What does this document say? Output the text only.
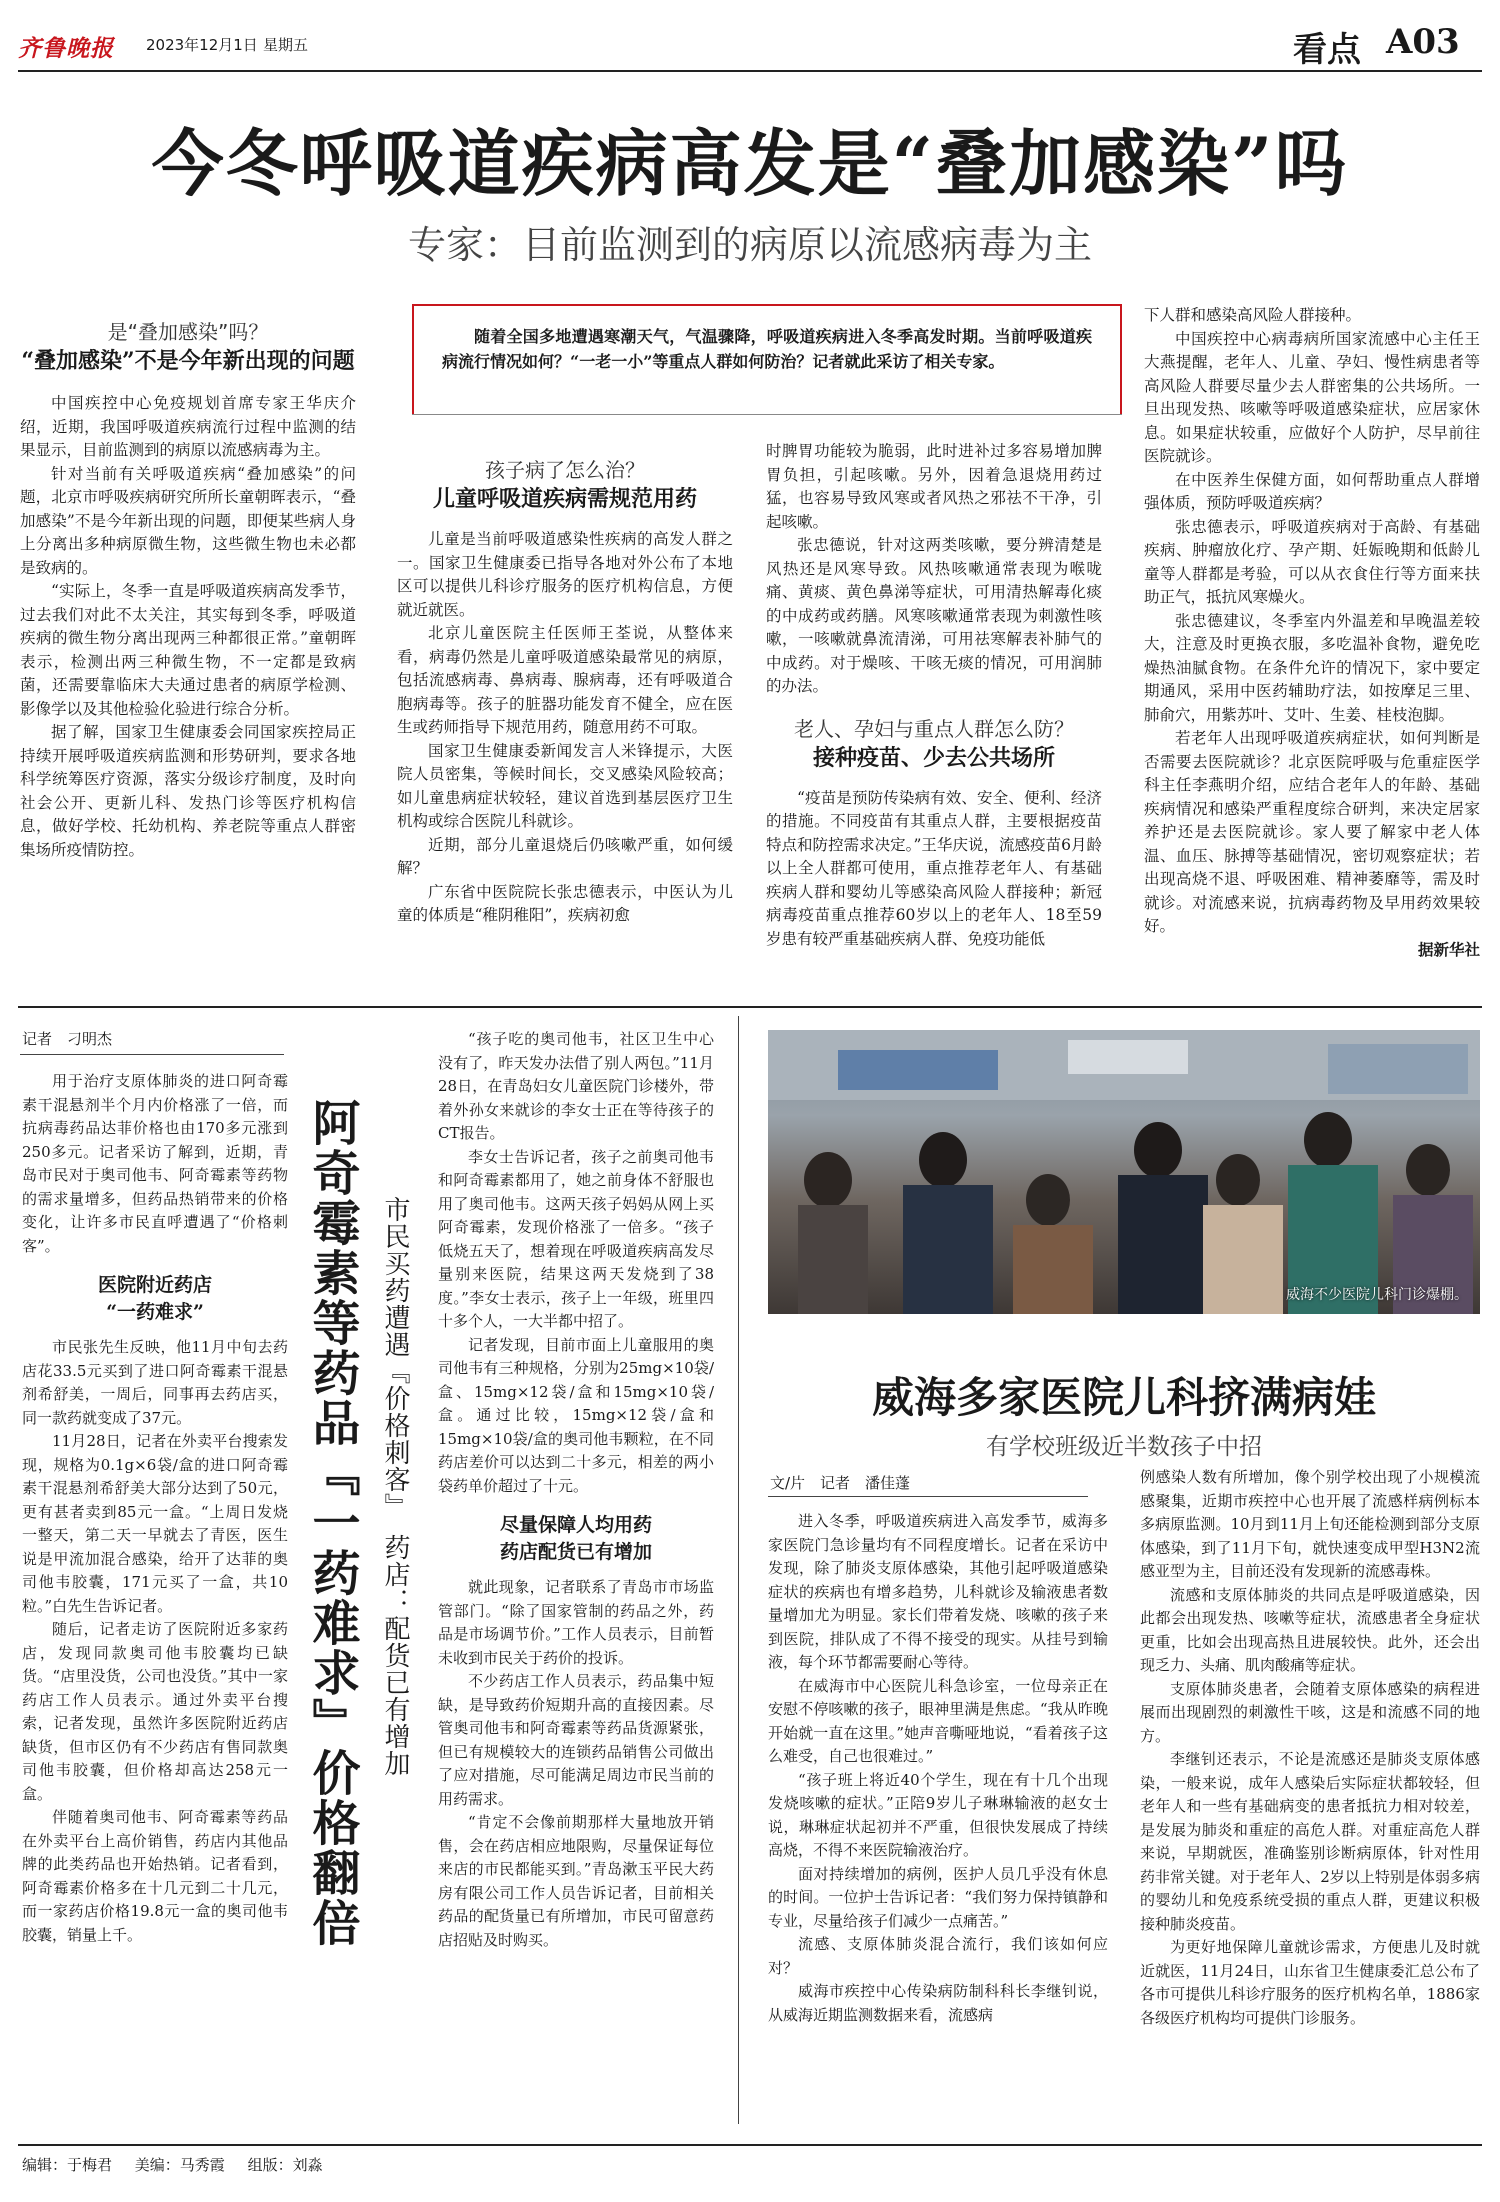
齐鲁晚报 2023年12月1日 星期五	看点 A03
今冬呼吸道疾病高发是“叠加感染”吗
专家：目前监测到的病原以流感病毒为主
是“叠加感染”吗？
“叠加感染”不是今年新出现的问题

中国疾控中心免疫规划首席专家王华庆介绍，近期，我国呼吸道疾病流行过程中监测的结果显示，目前监测到的病原以流感病毒为主。

针对当前有关呼吸道疾病“叠加感染”的问题，北京市呼吸疾病研究所所长童朝晖表示，“叠加感染”不是今年新出现的问题，即便某些病人身上分离出多种病原微生物，这些微生物也未必都是致病的。

“实际上，冬季一直是呼吸道疾病高发季节，过去我们对此不太关注，其实每到冬季，呼吸道疾病的微生物分离出现两三种都很正常。”童朝晖表示，检测出两三种微生物，不一定都是致病菌，还需要靠临床大夫通过患者的病原学检测、影像学以及其他检验化验进行综合分析。

据了解，国家卫生健康委会同国家疾控局正持续开展呼吸道疾病监测和形势研判，要求各地科学统筹医疗资源，落实分级诊疗制度，及时向社会公开、更新儿科、发热门诊等医疗机构信息，做好学校、托幼机构、养老院等重点人群密集场所疫情防控。

随着全国多地遭遇寒潮天气，气温骤降，呼吸道疾病进入冬季高发时期。当前呼吸道疾病流行情况如何？“一老一小”等重点人群如何防治？记者就此采访了相关专家。
孩子病了怎么治？
儿童呼吸道疾病需规范用药

儿童是当前呼吸道感染性疾病的高发人群之一。国家卫生健康委已指导各地对外公布了本地区可以提供儿科诊疗服务的医疗机构信息，方便就近就医。

北京儿童医院主任医师王荃说，从整体来看，病毒仍然是儿童呼吸道感染最常见的病原，包括流感病毒、鼻病毒、腺病毒，还有呼吸道合胞病毒等。孩子的脏器功能发育不健全，应在医生或药师指导下规范用药，随意用药不可取。

国家卫生健康委新闻发言人米锋提示，大医院人员密集，等候时间长，交叉感染风险较高；如儿童患病症状较轻，建议首选到基层医疗卫生机构或综合医院儿科就诊。

近期，部分儿童退烧后仍咳嗽严重，如何缓解？

广东省中医院院长张忠德表示，中医认为儿童的体质是“稚阴稚阳”，疾病初愈

时脾胃功能较为脆弱，此时进补过多容易增加脾胃负担，引起咳嗽。另外，因着急退烧用药过猛，也容易导致风寒或者风热之邪祛不干净，引起咳嗽。

张忠德说，针对这两类咳嗽，要分辨清楚是风热还是风寒导致。风热咳嗽通常表现为喉咙痛、黄痰、黄色鼻涕等症状，可用清热解毒化痰的中成药或药膳。风寒咳嗽通常表现为刺激性咳嗽，一咳嗽就鼻流清涕，可用祛寒解表补肺气的中成药。对于燥咳、干咳无痰的情况，可用润肺的办法。

老人、孕妇与重点人群怎么防？
接种疫苗、少去公共场所

“疫苗是预防传染病有效、安全、便利、经济的措施。不同疫苗有其重点人群，主要根据疫苗特点和防控需求决定。”王华庆说，流感疫苗6月龄以上全人群都可使用，重点推荐老年人、有基础疾病人群和婴幼儿等感染高风险人群接种；新冠病毒疫苗重点推荐60岁以上的老年人、18至59岁患有较严重基础疾病人群、免疫功能低

下人群和感染高风险人群接种。

中国疾控中心病毒病所国家流感中心主任王大燕提醒，老年人、儿童、孕妇、慢性病患者等高风险人群要尽量少去人群密集的公共场所。一旦出现发热、咳嗽等呼吸道感染症状，应居家休息。如果症状较重，应做好个人防护，尽早前往医院就诊。

在中医养生保健方面，如何帮助重点人群增强体质，预防呼吸道疾病？

张忠德表示，呼吸道疾病对于高龄、有基础疾病、肿瘤放化疗、孕产期、妊娠晚期和低龄儿童等人群都是考验，可以从衣食住行等方面来扶助正气，抵抗风寒燥火。

张忠德建议，冬季室内外温差和早晚温差较大，注意及时更换衣服，多吃温补食物，避免吃燥热油腻食物。在条件允许的情况下，家中要定期通风，采用中医药辅助疗法，如按摩足三里、肺俞穴，用紫苏叶、艾叶、生姜、桂枝泡脚。

若老年人出现呼吸道疾病症状，如何判断是否需要去医院就诊？北京医院呼吸与危重症医学科主任李燕明介绍，应结合老年人的年龄、基础疾病情况和感染严重程度综合研判，来决定居家养护还是去医院就诊。家人要了解家中老人体温、血压、脉搏等基础情况，密切观察症状；若出现高烧不退、呼吸困难、精神萎靡等，需及时就诊。对流感来说，抗病毒药物及早用药效果较好。

据新华社
记者　刁明杰

用于治疗支原体肺炎的进口阿奇霉素干混悬剂半个月内价格涨了一倍，而抗病毒药品达菲价格也由170多元涨到250多元。记者采访了解到，近期，青岛市民对于奥司他韦、阿奇霉素等药物的需求量增多，但药品热销带来的价格变化，让许多市民直呼遭遇了“价格刺客”。

医院附近药店
“一药难求”

市民张先生反映，他11月中旬去药店花33.5元买到了进口阿奇霉素干混悬剂希舒美，一周后，同事再去药店买，同一款药就变成了37元。

11月28日，记者在外卖平台搜索发现，规格为0.1g×6袋/盒的进口阿奇霉素干混悬剂希舒美大部分达到了50元，更有甚者卖到85元一盒。“上周日发烧一整天，第二天一早就去了青医，医生说是甲流加混合感染，给开了达菲的奥司他韦胶囊，171元买了一盒，共10粒。”白先生告诉记者。

随后，记者走访了医院附近多家药店，发现同款奥司他韦胶囊均已缺货。“店里没货，公司也没货。”其中一家药店工作人员表示。通过外卖平台搜索，记者发现，虽然许多医院附近药店缺货，但市区仍有不少药店有售同款奥司他韦胶囊，但价格却高达258元一盒。

伴随着奥司他韦、阿奇霉素等药品在外卖平台上高价销售，药店内其他品牌的此类药品也开始热销。记者看到，阿奇霉素价格多在十几元到二十几元，而一家药店价格19.8元一盒的奥司他韦胶囊，销量上千。	阿奇霉素等药品『一药难求』价格翻倍 市民买药遭遇『价格刺客』　药店：配货已有增加

“孩子吃的奥司他韦，社区卫生中心没有了，昨天发办法借了别人两包。”11月28日，在青岛妇女儿童医院门诊楼外，带着外孙女来就诊的李女士正在等待孩子的CT报告。

李女士告诉记者，孩子之前奥司他韦和阿奇霉素都用了，她之前身体不舒服也用了奥司他韦。这两天孩子妈妈从网上买阿奇霉素，发现价格涨了一倍多。“孩子低烧五天了，想着现在呼吸道疾病高发尽量别来医院，结果这两天发烧到了38度。”李女士表示，孩子上一年级，班里四十多个人，一大半都中招了。

记者发现，目前市面上儿童服用的奥司他韦有三种规格，分别为25mg×10袋/盒、15mg×12袋/盒和15mg×10袋/盒。通过比较，15mg×12袋/盒和15mg×10袋/盒的奥司他韦颗粒，在不同药店差价可以达到二十多元，相差的两小袋药单价超过了十元。

尽量保障人均用药
药店配货已有增加

就此现象，记者联系了青岛市市场监管部门。“除了国家管制的药品之外，药品是市场调节价。”工作人员表示，目前暂未收到市民关于药价的投诉。

不少药店工作人员表示，药品集中短缺，是导致药价短期升高的直接因素。尽管奥司他韦和阿奇霉素等药品货源紧张，但已有规模较大的连锁药品销售公司做出了应对措施，尽可能满足周边市民当前的用药需求。

“肯定不会像前期那样大量地放开销售，会在药店相应地限购，尽量保证每位来店的市民都能买到。”青岛漱玉平民大药房有限公司工作人员告诉记者，目前相关药品的配货量已有所增加，市民可留意药店招贴及时购买。

威海不少医院儿科门诊爆棚。
威海多家医院儿科挤满病娃
有学校班级近半数孩子中招
文/片　记者　潘佳蓬

进入冬季，呼吸道疾病进入高发季节，威海多家医院门急诊量均有不同程度增长。记者在采访中发现，除了肺炎支原体感染，其他引起呼吸道感染症状的疾病也有增多趋势，儿科就诊及输液患者数量增加尤为明显。家长们带着发烧、咳嗽的孩子来到医院，排队成了不得不接受的现实。从挂号到输液，每个环节都需要耐心等待。

在威海市中心医院儿科急诊室，一位母亲正在安慰不停咳嗽的孩子，眼神里满是焦虑。“我从昨晚开始就一直在这里。”她声音嘶哑地说，“看着孩子这么难受，自己也很难过。”

“孩子班上将近40个学生，现在有十几个出现发烧咳嗽的症状。”正陪9岁儿子琳琳输液的赵女士说，琳琳症状起初并不严重，但很快发展成了持续高烧，不得不来医院输液治疗。

面对持续增加的病例，医护人员几乎没有休息的时间。一位护士告诉记者：“我们努力保持镇静和专业，尽量给孩子们减少一点痛苦。”

流感、支原体肺炎混合流行，我们该如何应对？

威海市疾控中心传染病防制科科长李继钊说，从威海近期监测数据来看，流感病

例感染人数有所增加，像个别学校出现了小规模流感聚集，近期市疾控中心也开展了流感样病例标本多病原监测。10月到11月上旬还能检测到部分支原体感染，到了11月下旬，就快速变成甲型H3N2流感亚型为主，目前还没有发现新的流感毒株。

流感和支原体肺炎的共同点是呼吸道感染，因此都会出现发热、咳嗽等症状，流感患者全身症状更重，比如会出现高热且进展较快。此外，还会出现乏力、头痛、肌肉酸痛等症状。

支原体肺炎患者，会随着支原体感染的病程进展而出现剧烈的刺激性干咳，这是和流感不同的地方。

李继钊还表示，不论是流感还是肺炎支原体感染，一般来说，成年人感染后实际症状都较轻，但老年人和一些有基础病变的患者抵抗力相对较差，是发展为肺炎和重症的高危人群。对重症高危人群来说，早期就医，准确鉴别诊断病原体，针对性用药非常关键。对于老年人、2岁以上特别是体弱多病的婴幼儿和免疫系统受损的重点人群，更建议积极接种肺炎疫苗。

为更好地保障儿童就诊需求，方便患儿及时就近就医，11月24日，山东省卫生健康委汇总公布了各市可提供儿科诊疗服务的医疗机构名单，1886家各级医疗机构均可提供门诊服务。

编辑：于梅君 美编：马秀霞 组版：刘淼
